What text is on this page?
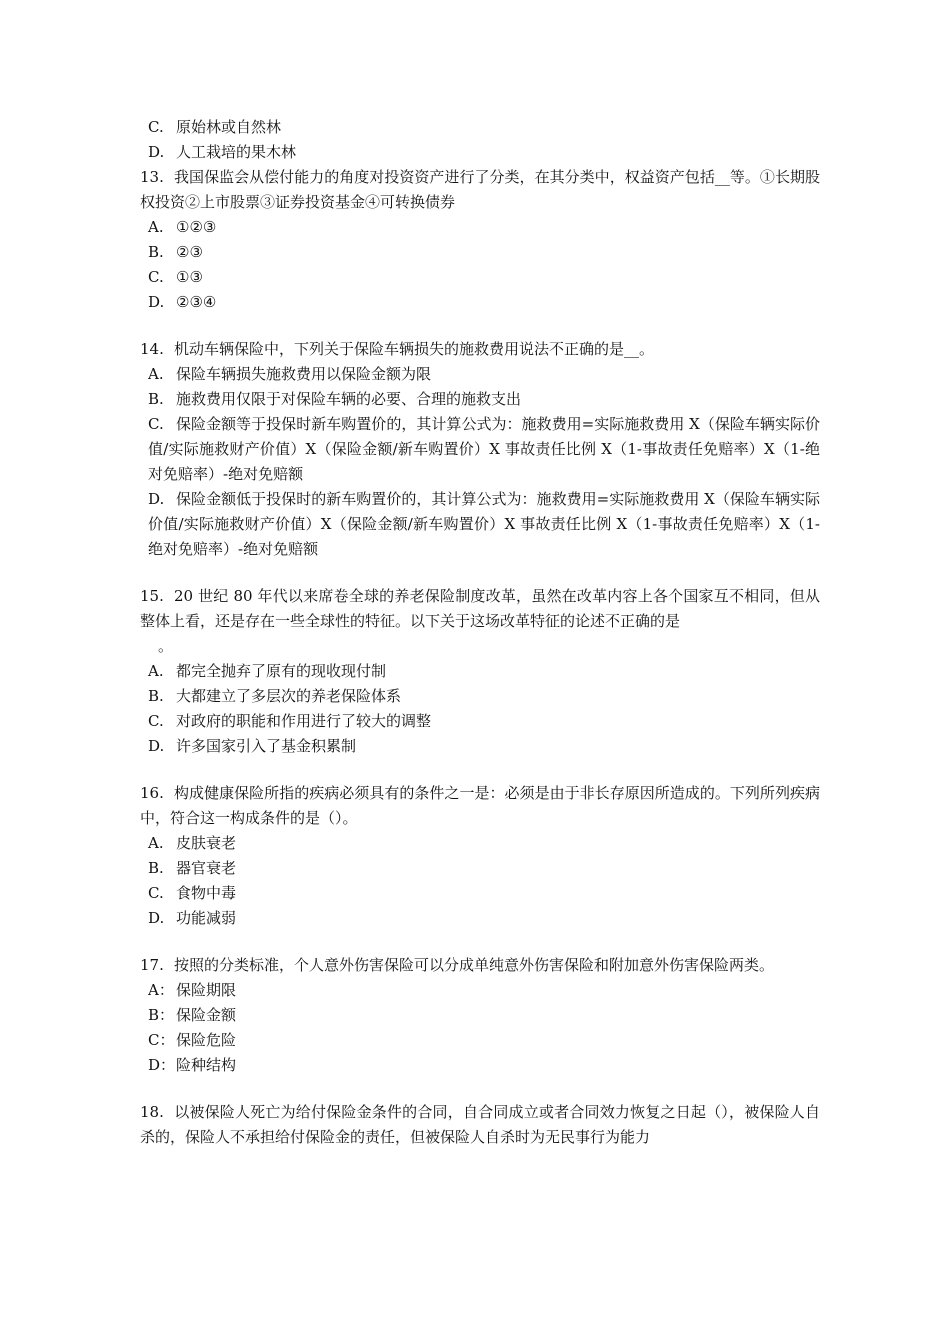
C. 原始林或自然林
D. 人工栽培的果木林
13. 我国保监会从偿付能力的角度对投资资产进行了分类，在其分类中，权益资产包括__等。①长期股权投资②上市股票③证券投资基金④可转换债券
A. ①②③
B. ②③
C. ①③
D. ②③④
14. 机动车辆保险中，下列关于保险车辆损失的施救费用说法不正确的是__。
A. 保险车辆损失施救费用以保险金额为限
B. 施救费用仅限于对保险车辆的必要、合理的施救支出
C. 保险金额等于投保时新车购置价的，其计算公式为：施救费用=实际施救费用 X（保险车辆实际价值/实际施救财产价值）X（保险金额/新车购置价）X 事故责任比例 X（1-事故责任免赔率）X（1-绝对免赔率）-绝对免赔额
D. 保险金额低于投保时的新车购置价的，其计算公式为：施救费用=实际施救费用 X（保险车辆实际价值/实际施救财产价值）X（保险金额/新车购置价）X 事故责任比例 X（1-事故责任免赔率）X（1-绝对免赔率）-绝对免赔额
15. 20 世纪 80 年代以来席卷全球的养老保险制度改革，虽然在改革内容上各个国家互不相同，但从整体上看，还是存在一些全球性的特征。以下关于这场改革特征的论述不正确的是
。
A. 都完全抛弃了原有的现收现付制
B. 大都建立了多层次的养老保险体系
C. 对政府的职能和作用进行了较大的调整
D. 许多国家引入了基金积累制
16. 构成健康保险所指的疾病必须具有的条件之一是：必须是由于非长存原因所造成的。下列所列疾病中，符合这一构成条件的是（）。
A. 皮肤衰老
B. 器官衰老
C. 食物中毒
D. 功能减弱
17. 按照的分类标准，个人意外伤害保险可以分成单纯意外伤害保险和附加意外伤害保险两类。
A： 保险期限
B： 保险金额
C： 保险危险
D：险种结构
18. 以被保险人死亡为给付保险金条件的合同，自合同成立或者合同效力恢复之日起（），被保险人自杀的，保险人不承担给付保险金的责任，但被保险人自杀时为无民事行为能力
